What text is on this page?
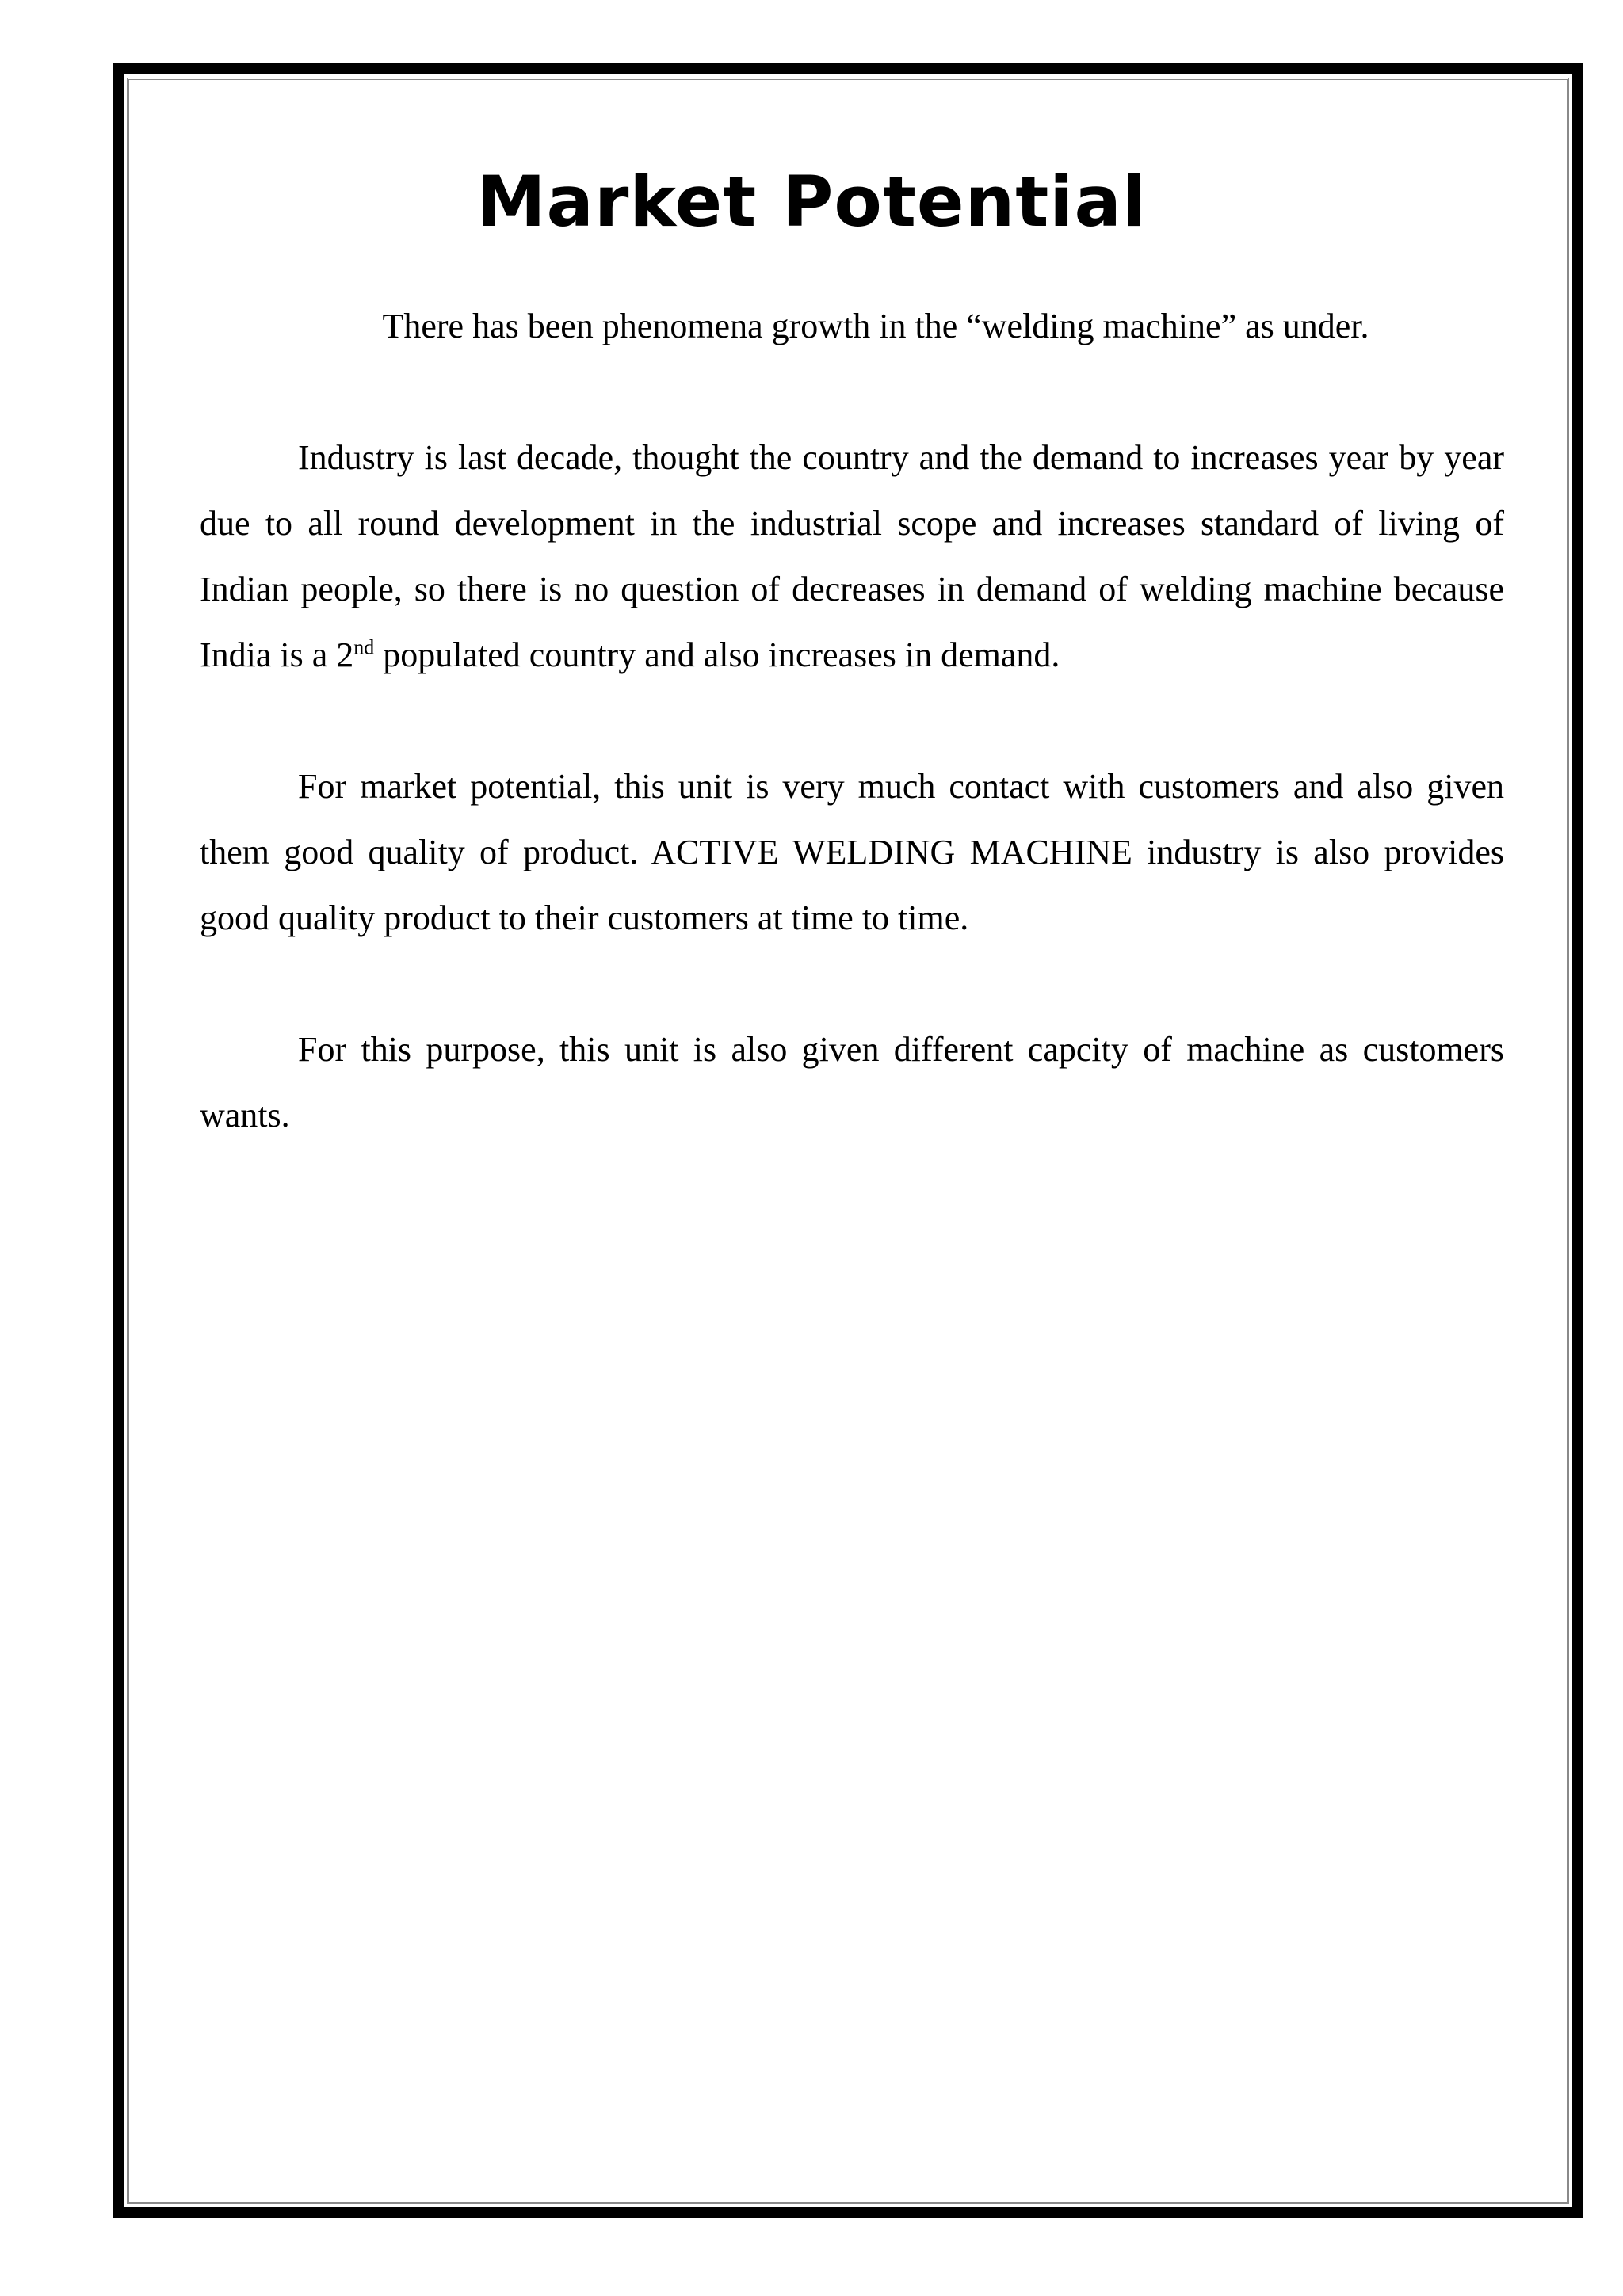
Market Potential

There has been phenomena growth in the “welding machine” as under.

Industry is last decade, thought the country and the demand to increases year by year due to all round development in the industrial scope and increases standard of living of Indian people, so there is no question of decreases in demand of welding machine because India is a 2nd populated country and also increases in demand.

For market potential, this unit is very much contact with customers and also given them good quality of product. ACTIVE WELDING MACHINE industry is also provides good quality product to their customers at time to time.

For this purpose, this unit is also given different capcity of machine as customers wants.
